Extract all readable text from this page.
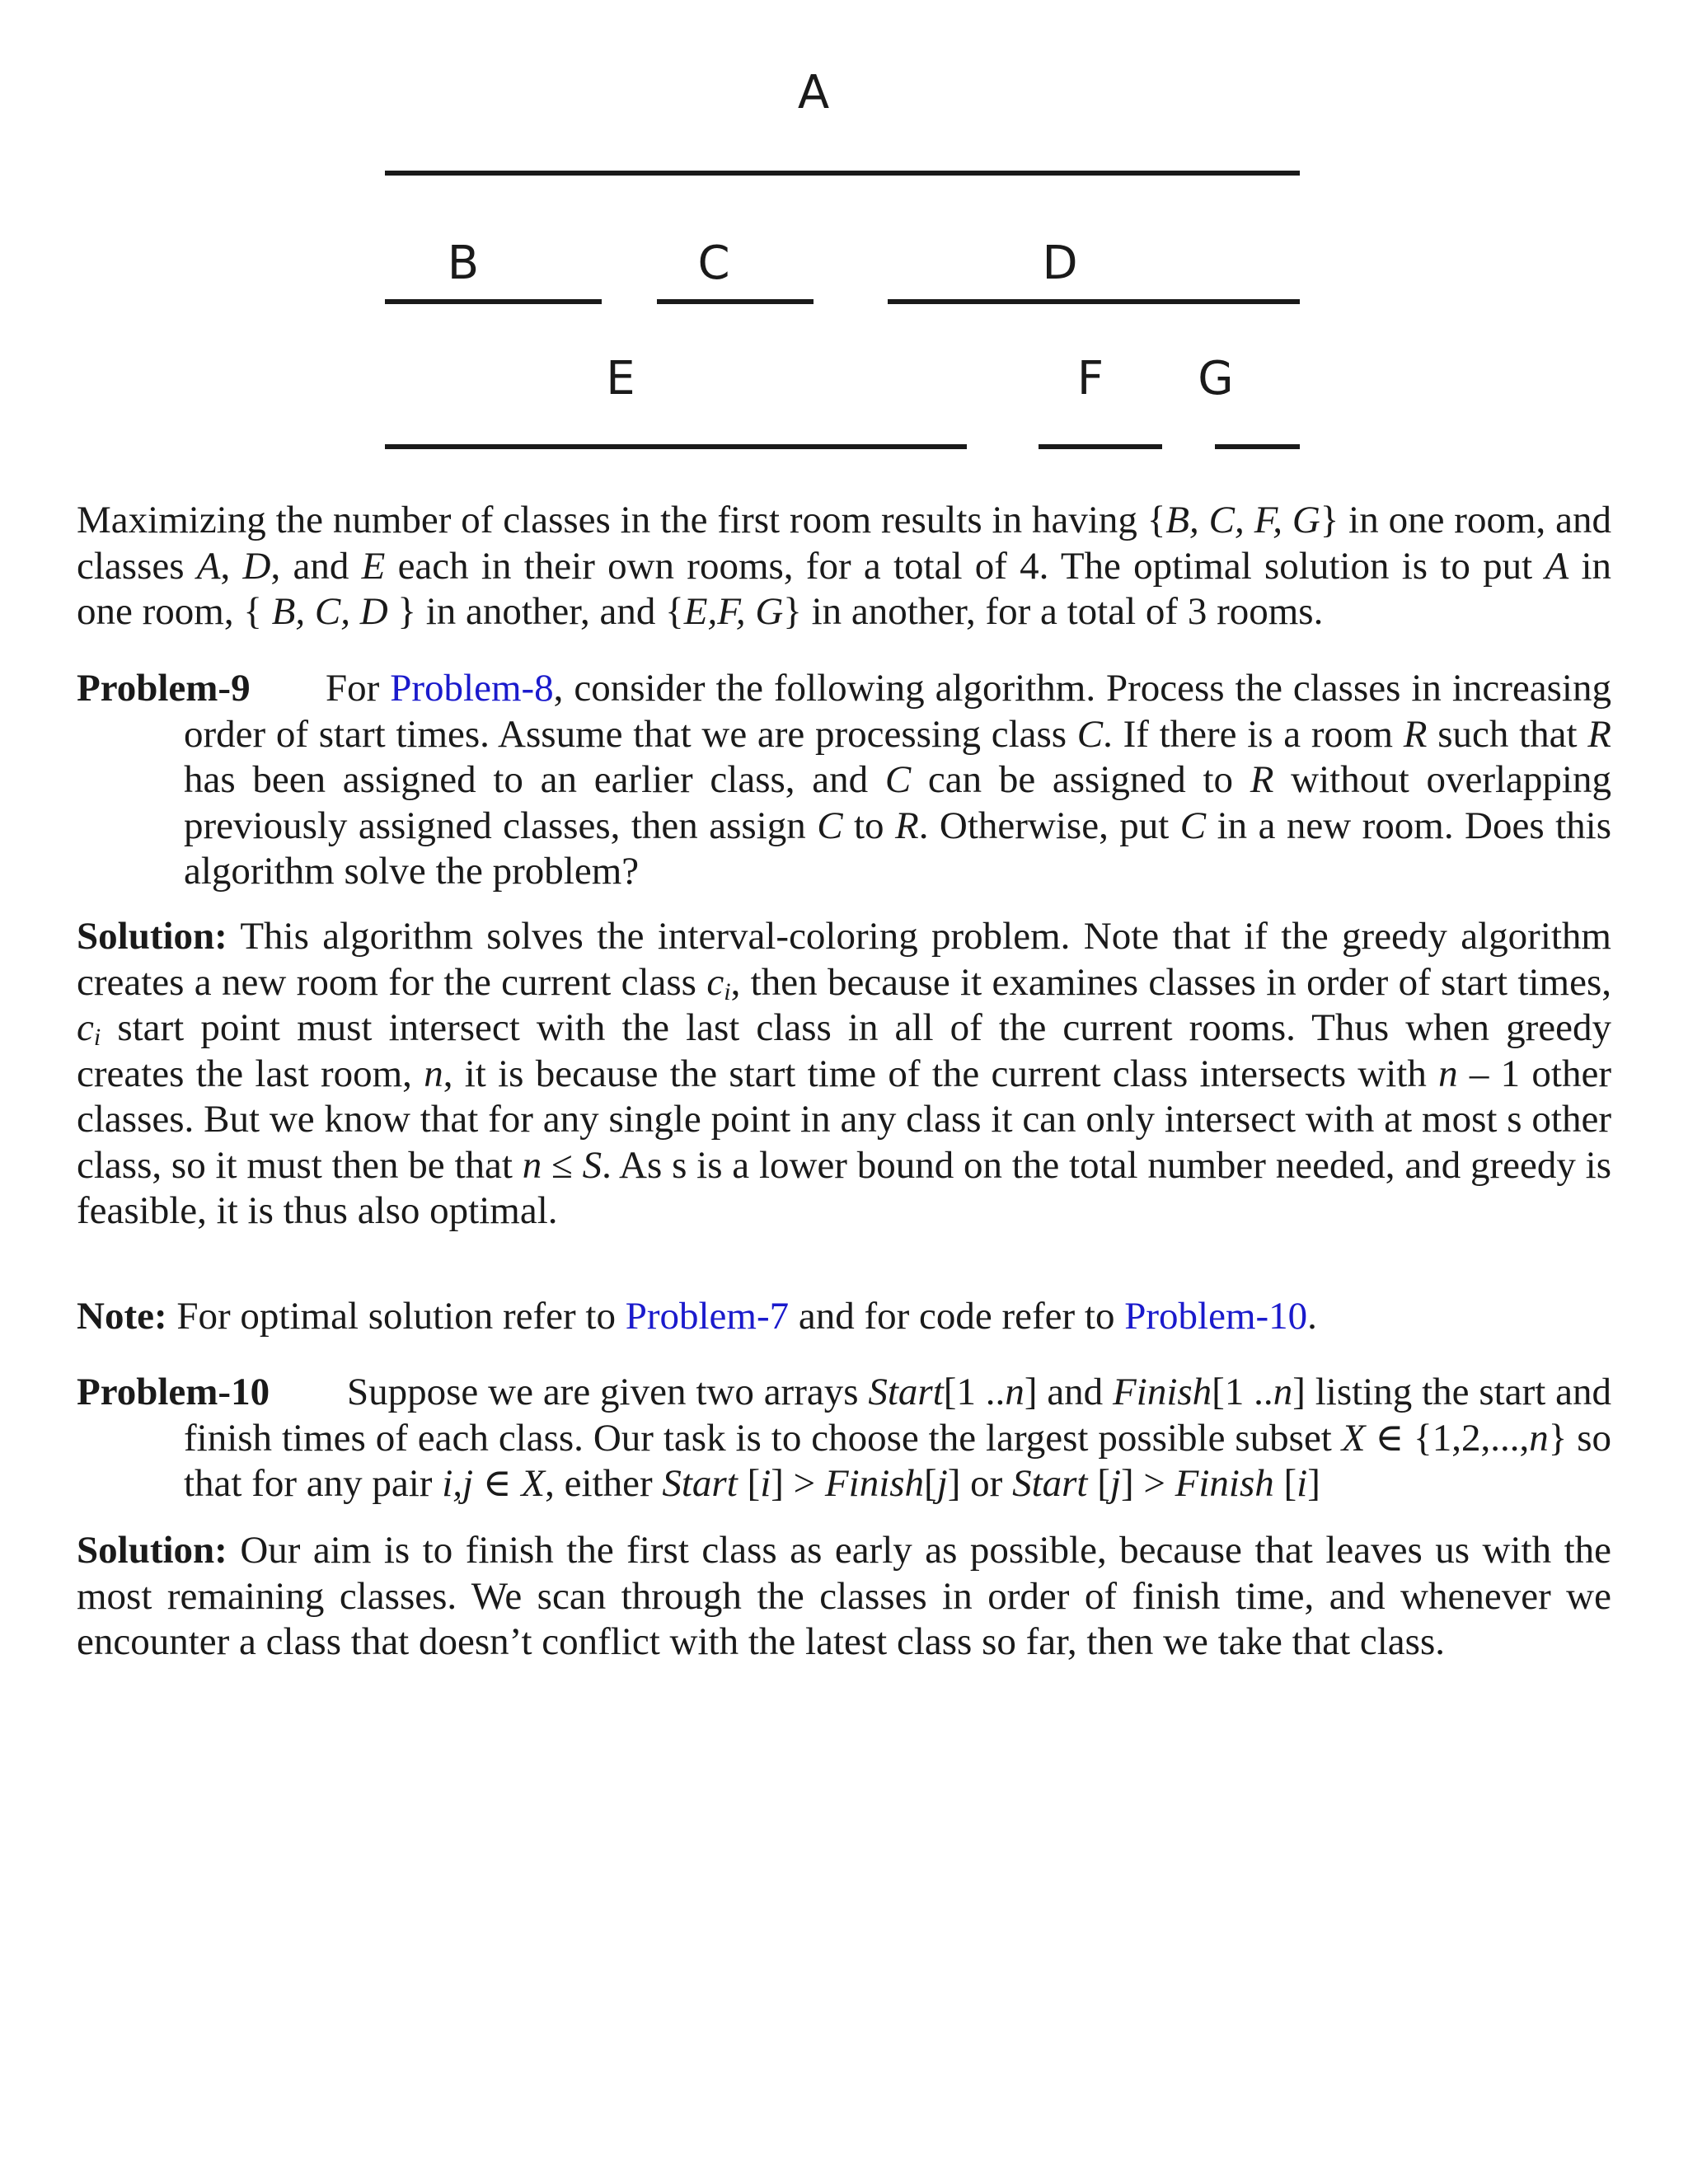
A
B	C	D
E	F	G

Maximizing the number of classes in the first room results in having {B, C, F, G} in one room, and classes A, D, and E each in their own rooms, for a total of 4. The optimal solution is to put A in one room, { B, C, D } in another, and {E,F, G} in another, for a total of 3 rooms.

Problem-9 For Problem-8, consider the following algorithm. Process the classes in increasing order of start times. Assume that we are processing class C. If there is a room R such that R has been assigned to an earlier class, and C can be assigned to R without overlapping previously assigned classes, then assign C to R. Otherwise, put C in a new room. Does this algorithm solve the problem?

Solution: This algorithm solves the interval-coloring problem. Note that if the greedy algorithm creates a new room for the current class $c_i$, then because it examines classes in order of start times, $c_i$ start point must intersect with the last class in all of the current rooms. Thus when greedy creates the last room, n, it is because the start time of the current class intersects with n – 1 other classes. But we know that for any single point in any class it can only intersect with at most s other class, so it must then be that n ≤ S. As s is a lower bound on the total number needed, and greedy is feasible, it is thus also optimal.

Note: For optimal solution refer to Problem-7 and for code refer to Problem-10.

Problem-10 Suppose we are given two arrays Start[1 ..n] and Finish[1 ..n] listing the start and finish times of each class. Our task is to choose the largest possible subset X ∈ {1,2,...,n} so that for any pair i,j ∈ X, either Start [i] > Finish[j] or Start [j] > Finish [i]

Solution: Our aim is to finish the first class as early as possible, because that leaves us with the most remaining classes. We scan through the classes in order of finish time, and whenever we encounter a class that doesn’t conflict with the latest class so far, then we take that class.
